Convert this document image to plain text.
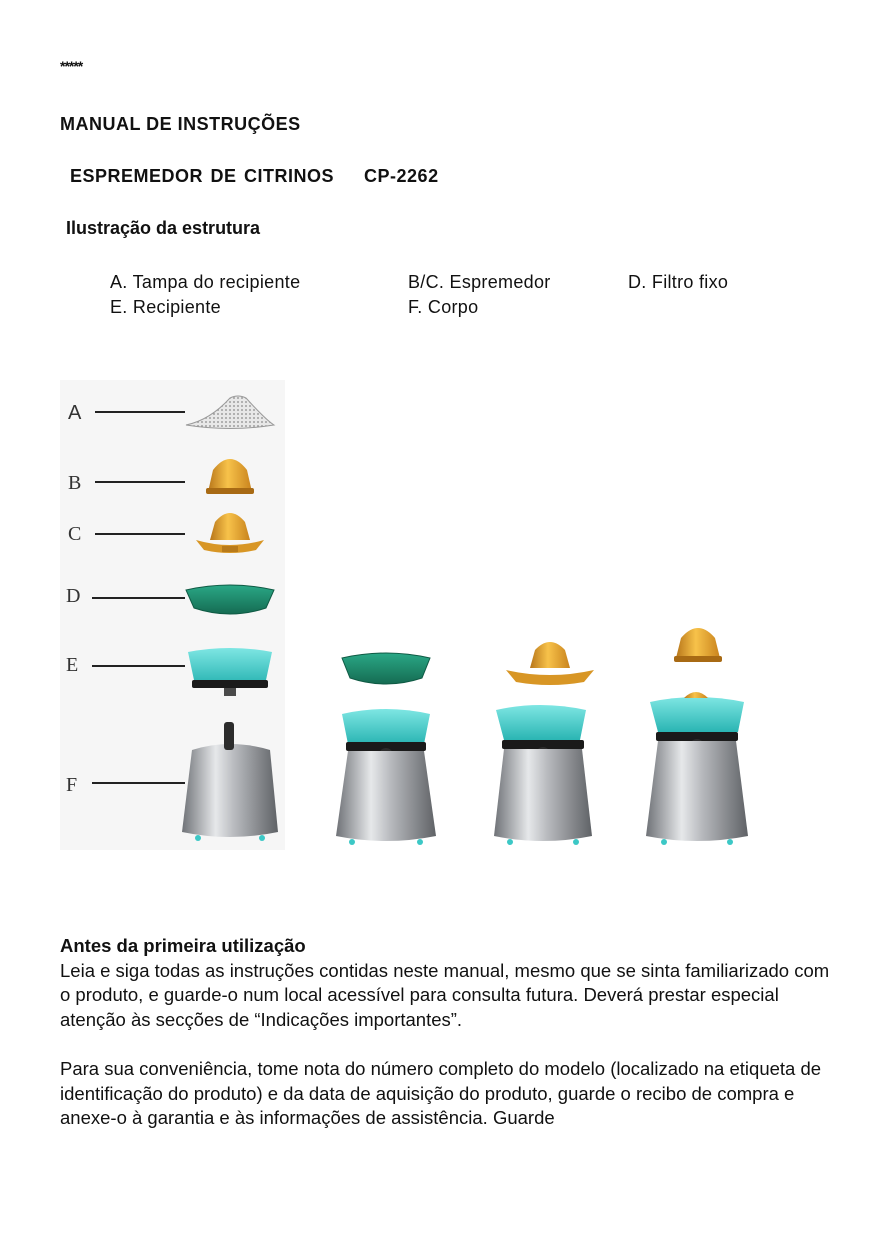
*****
MANUAL DE INSTRUÇÕES
ESPREMEDOR DE CITRINOS CP-2262
Ilustração da estrutura
A. Tampa do recipiente	B/C. Espremedor	D. Filtro fixo
E. Recipiente	F. Corpo
A
B
C
D
E
F

Antes da primeira utilização

Leia e siga todas as instruções contidas neste manual, mesmo que se sinta familiarizado com o produto, e guarde-o num local acessível para consulta futura. Deverá prestar especial atenção às secções de “Indicações importantes”.

Para sua conveniência, tome nota do número completo do modelo (localizado na etiqueta de identificação do produto) e da data de aquisição do produto, guarde o recibo de compra e anexe-o à garantia e às informações de assistência. Guarde
